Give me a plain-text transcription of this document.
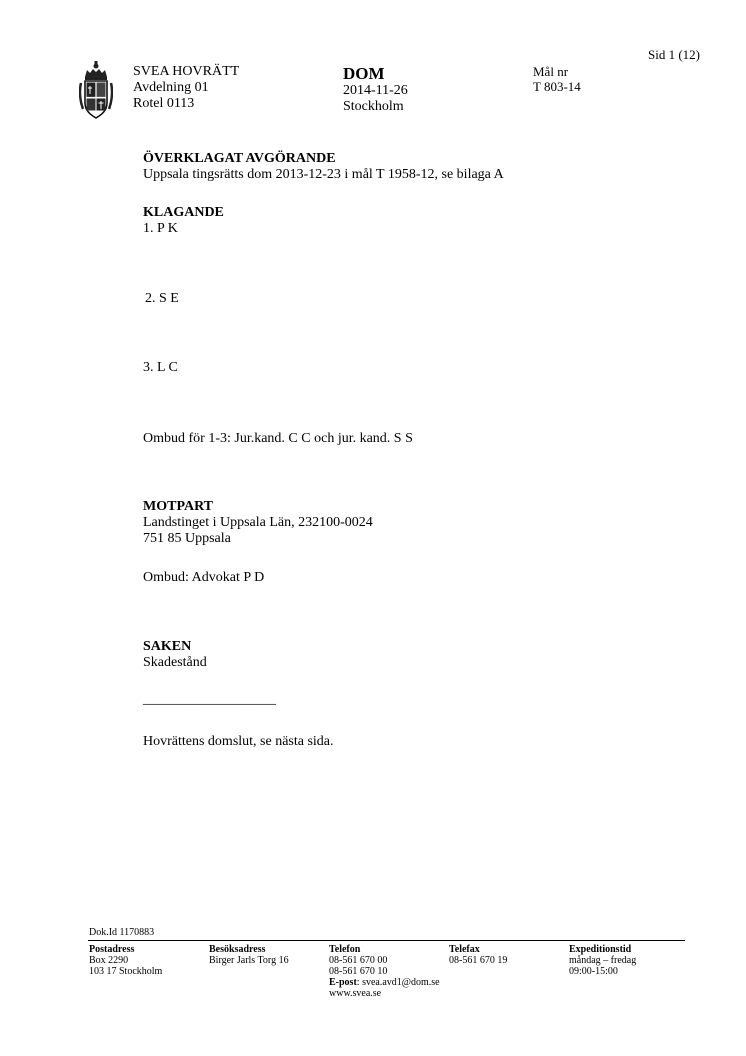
Sid 1 (12)
SVEA HOVRÄTT
Avdelning 01
Rotel 0113
DOM
2014-11-26
Stockholm
Mål nr
T 803-14
ÖVERKLAGAT AVGÖRANDE
Uppsala tingsrätts dom 2013-12-23 i mål T 1958-12, se bilaga A
KLAGANDE
1. P K
2. S E
3. L C
Ombud för 1-3: Jur.kand. C C och jur. kand. S S
MOTPART
Landstinget i Uppsala Län, 232100-0024
751 85 Uppsala
Ombud: Advokat P D
SAKEN
Skadestånd
___________________
Hovrättens domslut, se nästa sida.
Dok.Id 1170883
Postadress
Box 2290
103 17 Stockholm
Besöksadress
Birger Jarls Torg 16
Telefon
08-561 670 00
08-561 670 10
E-post: svea.avd1@dom.se
www.svea.se
Telefax
08-561 670 19
Expeditionstid
måndag – fredag
09:00-15:00
